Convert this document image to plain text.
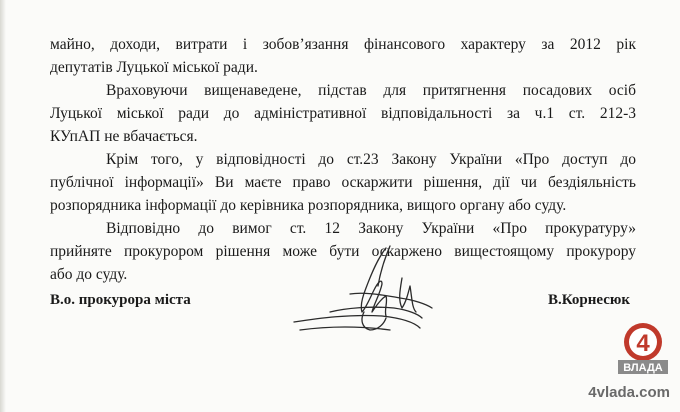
майно, доходи, витрати і зобов’язання фінансового характеру за 2012 рік
депутатів Луцької міської ради.
Враховуючи вищенаведене, підстав для притягнення посадових осіб
Луцької міської ради до адміністративної відповідальності за ч.1 ст. 212-3
КУпАП не вбачається.
Крім того, у відповідності до ст.23 Закону України «Про доступ до
публічної інформації» Ви маєте право оскаржити рішення, дії чи бездіяльність
розпорядника інформації до керівника розпорядника, вищого органу або суду.
Відповідно до вимог ст. 12 Закону України «Про прокуратуру»
прийняте прокурором рішення може бути оскаржено вищестоящому прокурору
або до суду.
В.о. прокурора міста	В.Корнесюк
4
ВЛАДА
4vlada.com
